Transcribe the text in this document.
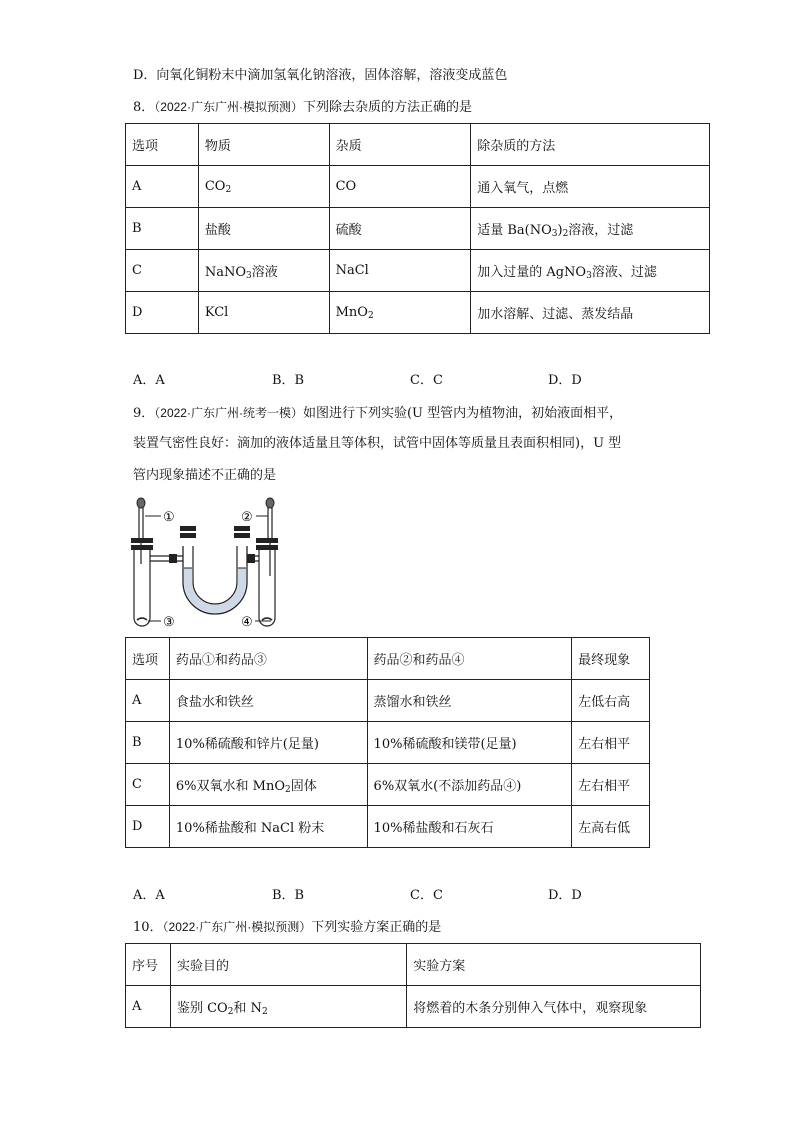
D．向氧化铜粉末中滴加氢氧化钠溶液，固体溶解，溶液变成蓝色
8．（2022·广东广州·模拟预测）下列除去杂质的方法正确的是
选项	物质	杂质	除杂质的方法
A	$CO_2$	CO	通入氧气，点燃
B	盐酸	硫酸	适量 $Ba(NO_3)_2$溶液，过滤
C	NaNO$_3$溶液	NaCl	加入过量的 AgNO$_3$溶液、过滤
D	KCl	MnO$_2$	加水溶解、过滤、蒸发结晶
A．A	B．B	C．C	D．D
9．（2022·广东广州·统考一模）如图进行下列实验(U 型管内为植物油，初始液面相平，
装置气密性良好：滴加的液体适量且等体积，试管中固体等质量且表面积相同)，U 型
管内现象描述不正确的是
①	②
③	④
选项	药品①和药品③	药品②和药品④	最终现象
A	食盐水和铁丝	蒸馏水和铁丝	左低右高
B	10%稀硫酸和锌片(足量)	10%稀硫酸和镁带(足量)	左右相平
C	6%双氧水和 MnO$_2$固体	6%双氧水(不添加药品④)	左右相平
D	10%稀盐酸和 NaCl 粉末	10%稀盐酸和石灰石	左高右低
A．A	B．B	C．C	D．D
10．（2022·广东广州·模拟预测）下列实验方案正确的是
序号	实验目的	实验方案
A	鉴别 $CO_2$和 $N_2$	将燃着的木条分别伸入气体中，观察现象
